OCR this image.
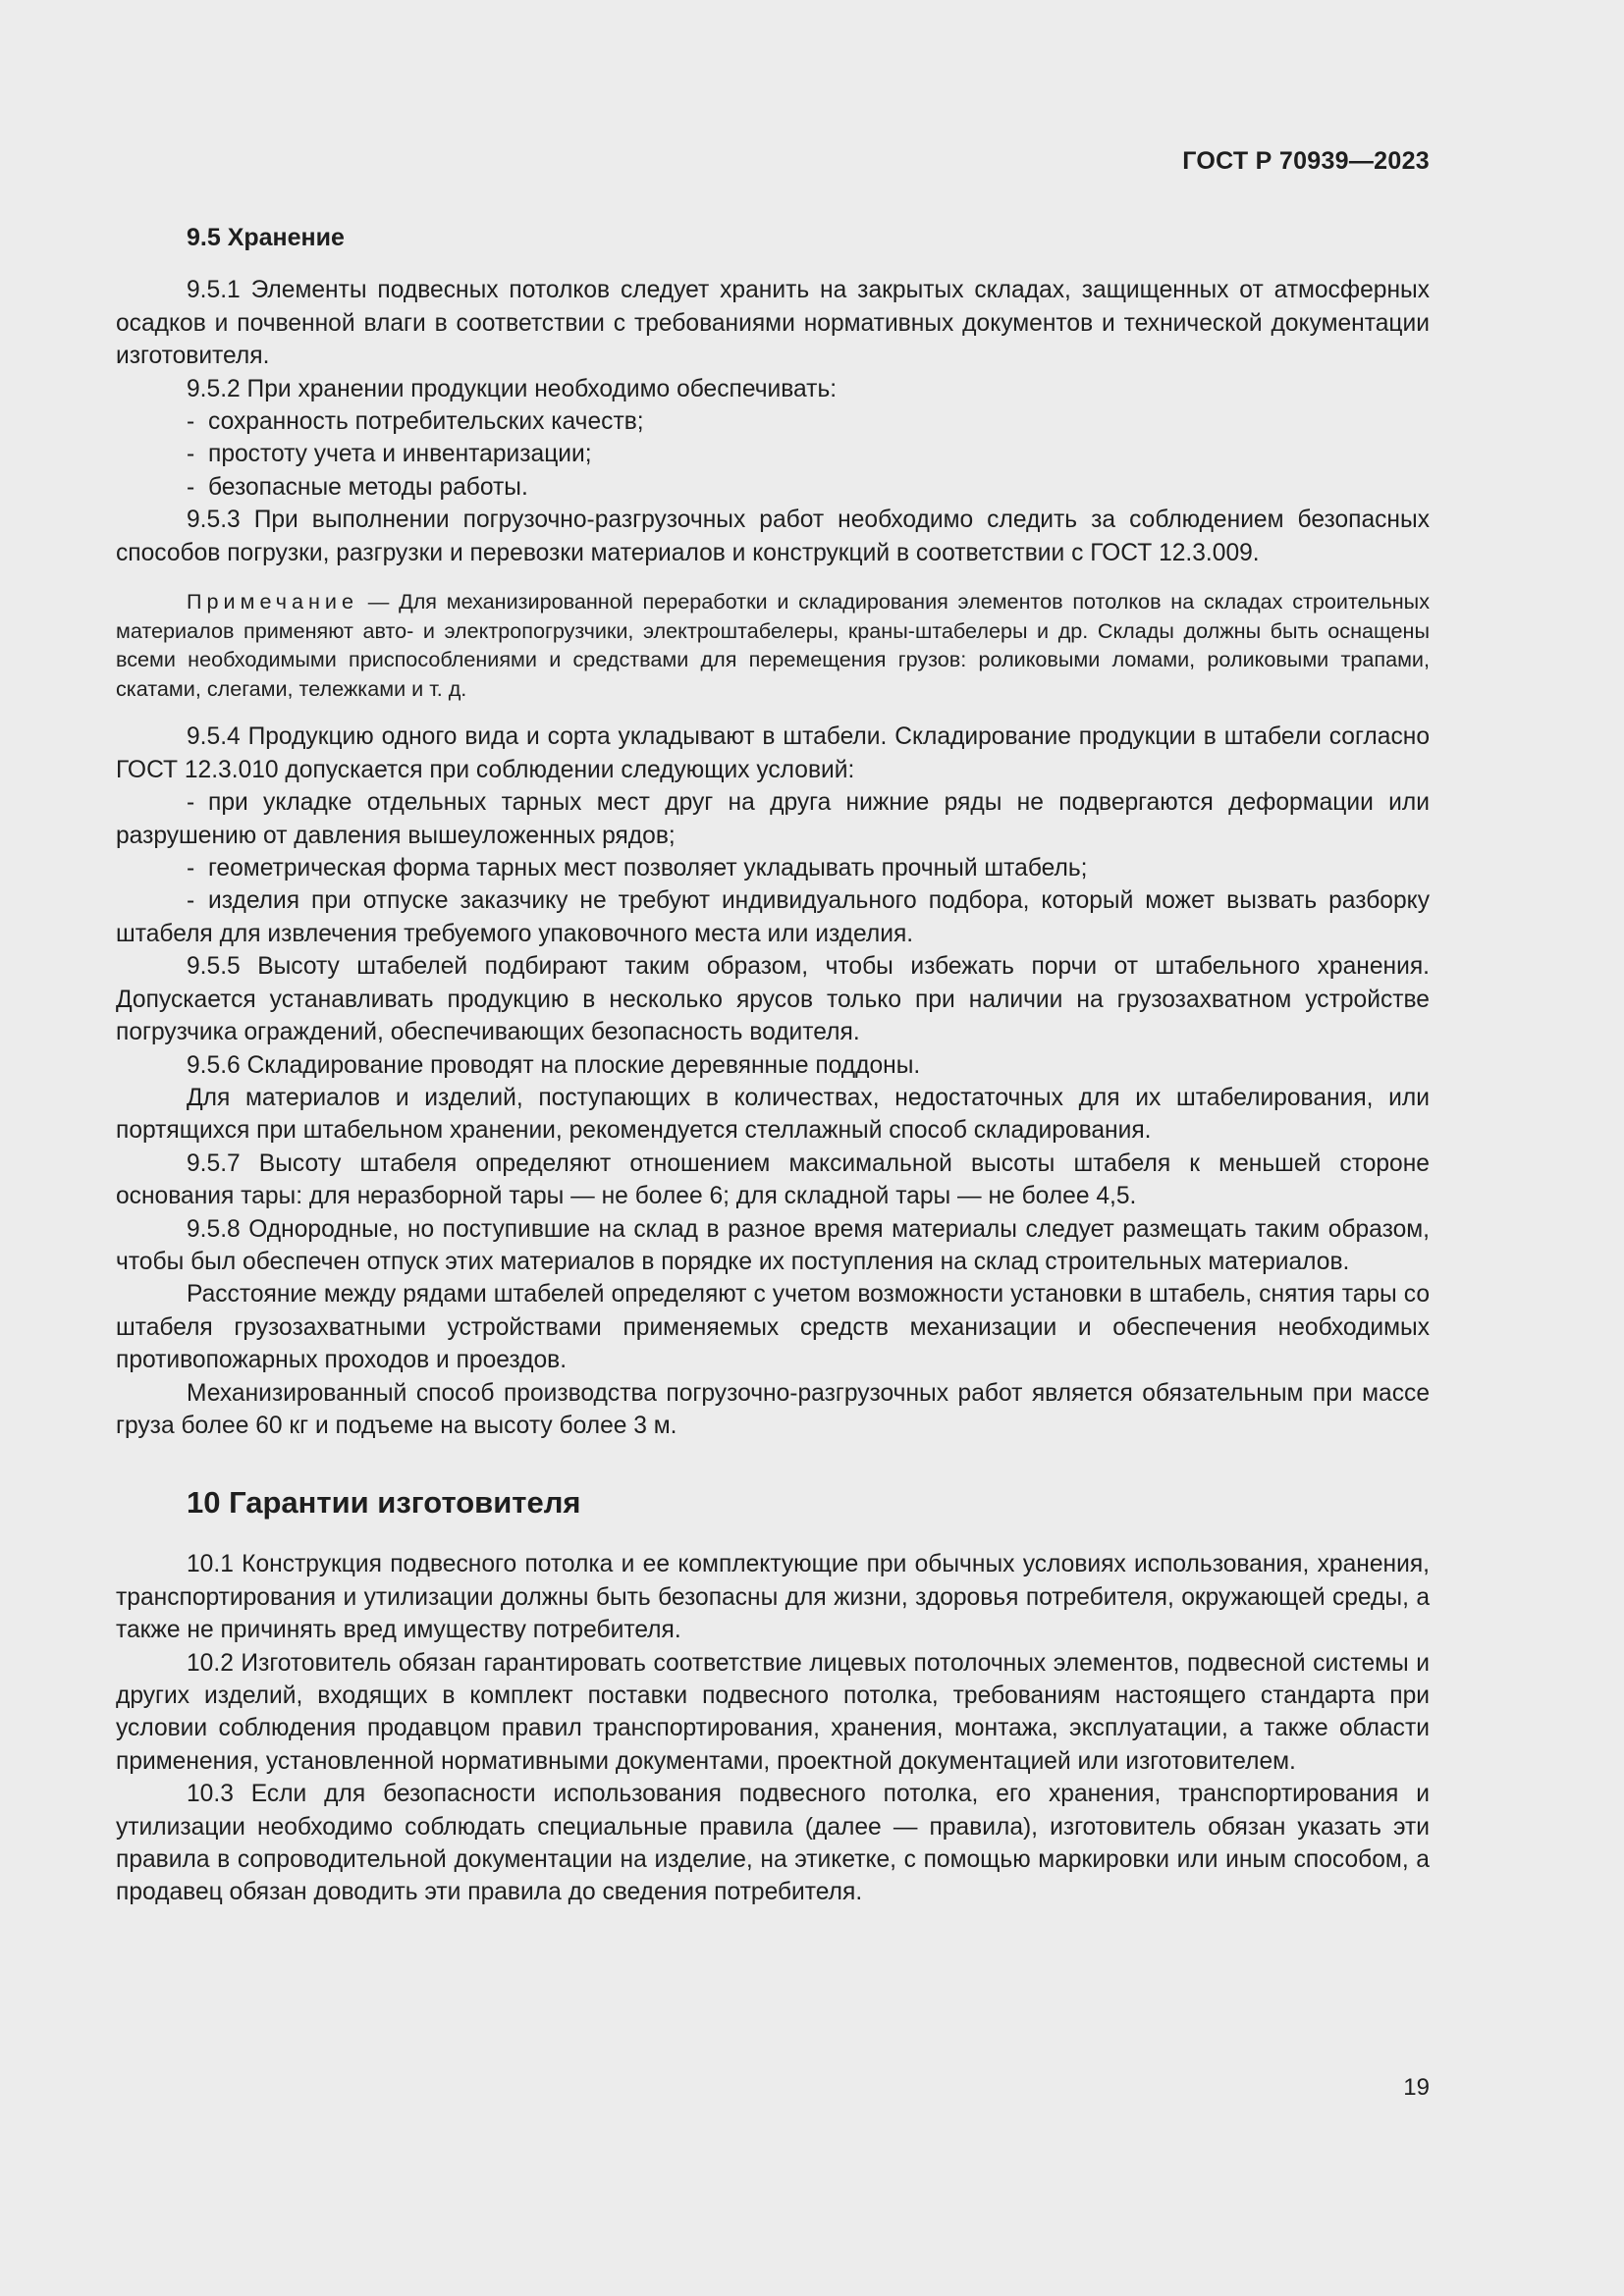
ГОСТ Р 70939—2023

9.5 Хранение

9.5.1 Элементы подвесных потолков следует хранить на закрытых складах, защищенных от атмосферных осадков и почвенной влаги в соответствии с требованиями нормативных документов и технической документации изготовителя.

9.5.2 При хранении продукции необходимо обеспечивать:

- сохранность потребительских качеств;

- простоту учета и инвентаризации;

- безопасные методы работы.

9.5.3 При выполнении погрузочно-разгрузочных работ необходимо следить за соблюдением безопасных способов погрузки, разгрузки и перевозки материалов и конструкций в соответствии с ГОСТ 12.3.009.

Примечание — Для механизированной переработки и складирования элементов потолков на складах строительных материалов применяют авто- и электропогрузчики, электроштабелеры, краны-штабелеры и др. Склады должны быть оснащены всеми необходимыми приспособлениями и средствами для перемещения грузов: роликовыми ломами, роликовыми трапами, скатами, слегами, тележками и т. д.

9.5.4 Продукцию одного вида и сорта укладывают в штабели. Складирование продукции в штабели согласно ГОСТ 12.3.010 допускается при соблюдении следующих условий:

- при укладке отдельных тарных мест друг на друга нижние ряды не подвергаются деформации или разрушению от давления вышеуложенных рядов;

- геометрическая форма тарных мест позволяет укладывать прочный штабель;

- изделия при отпуске заказчику не требуют индивидуального подбора, который может вызвать разборку штабеля для извлечения требуемого упаковочного места или изделия.

9.5.5 Высоту штабелей подбирают таким образом, чтобы избежать порчи от штабельного хранения. Допускается устанавливать продукцию в несколько ярусов только при наличии на грузозахватном устройстве погрузчика ограждений, обеспечивающих безопасность водителя.

9.5.6 Складирование проводят на плоские деревянные поддоны.

Для материалов и изделий, поступающих в количествах, недостаточных для их штабелирования, или портящихся при штабельном хранении, рекомендуется стеллажный способ складирования.

9.5.7 Высоту штабеля определяют отношением максимальной высоты штабеля к меньшей стороне основания тары: для неразборной тары — не более 6; для складной тары — не более 4,5.

9.5.8 Однородные, но поступившие на склад в разное время материалы следует размещать таким образом, чтобы был обеспечен отпуск этих материалов в порядке их поступления на склад строительных материалов.

Расстояние между рядами штабелей определяют с учетом возможности установки в штабель, снятия тары со штабеля грузозахватными устройствами применяемых средств механизации и обеспечения необходимых противопожарных проходов и проездов.

Механизированный способ производства погрузочно-разгрузочных работ является обязательным при массе груза более 60 кг и подъеме на высоту более 3 м.

10 Гарантии изготовителя

10.1 Конструкция подвесного потолка и ее комплектующие при обычных условиях использования, хранения, транспортирования и утилизации должны быть безопасны для жизни, здоровья потребителя, окружающей среды, а также не причинять вред имуществу потребителя.

10.2 Изготовитель обязан гарантировать соответствие лицевых потолочных элементов, подвесной системы и других изделий, входящих в комплект поставки подвесного потолка, требованиям настоящего стандарта при условии соблюдения продавцом правил транспортирования, хранения, монтажа, эксплуатации, а также области применения, установленной нормативными документами, проектной документацией или изготовителем.

10.3 Если для безопасности использования подвесного потолка, его хранения, транспортирования и утилизации необходимо соблюдать специальные правила (далее — правила), изготовитель обязан указать эти правила в сопроводительной документации на изделие, на этикетке, с помощью маркировки или иным способом, а продавец обязан доводить эти правила до сведения потребителя.

19
